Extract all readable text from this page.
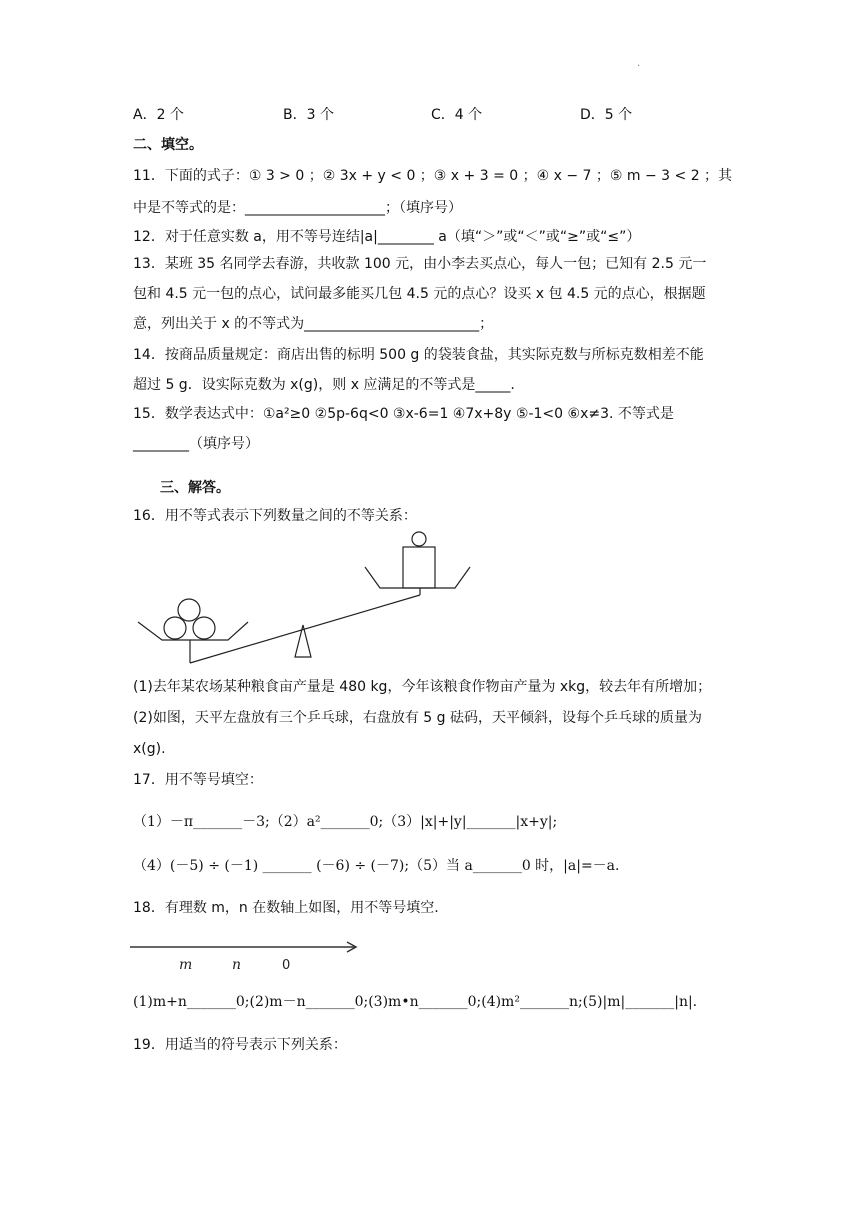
.
A．2 个	B．3 个	C．4 个	D．5 个
二、填空。
11．下面的式子：① 3 > 0 ；② 3x + y < 0 ；③ x + 3 = 0 ；④ x − 7 ；⑤ m − 3 < 2 ；其
中是不等式的是：____________________；（填序号）
12．对于任意实数 a，用不等号连结|a|________ a（填“＞”或“＜”或“≥”或“≤”）
13．某班 35 名同学去春游，共收款 100 元，由小李去买点心，每人一包；已知有 2.5 元一
包和 4.5 元一包的点心，试问最多能买几包 4.5 元的点心？设买 x 包 4.5 元的点心，根据题
意，列出关于 x 的不等式为_________________________；
14．按商品质量规定：商店出售的标明 500 g 的袋装食盐，其实际克数与所标克数相差不能
超过 5 g．设实际克数为 x(g)，则 x 应满足的不等式是_____.
15．数学表达式中：①a²≥0 ②5p-6q<0 ③x-6=1 ④7x+8y ⑤-1<0 ⑥x≠3. 不等式是
________（填序号）
三、解答。
16．用不等式表示下列数量之间的不等关系：
(1)去年某农场某种粮食亩产量是 480 kg，今年该粮食作物亩产量为 xkg，较去年有所增加；
(2)如图，天平左盘放有三个乒乓球，右盘放有 5 g 砝码，天平倾斜，设每个乒乓球的质量为
x(g).
17．用不等号填空：
（1）－π_______－3;（2）a²_______0;（3）|x|+|y|_______|x+y|;
（4）(－5) ÷ (－1) _______ (－6) ÷ (－7);（5）当 a_______0 时，|a|=－a.
18．有理数 m，n 在数轴上如图，用不等号填空.
m	n	0
(1)m+n_______0;(2)m－n_______0;(3)m•n_______0;(4)m²_______n;(5)|m|_______|n|.
19．用适当的符号表示下列关系：
